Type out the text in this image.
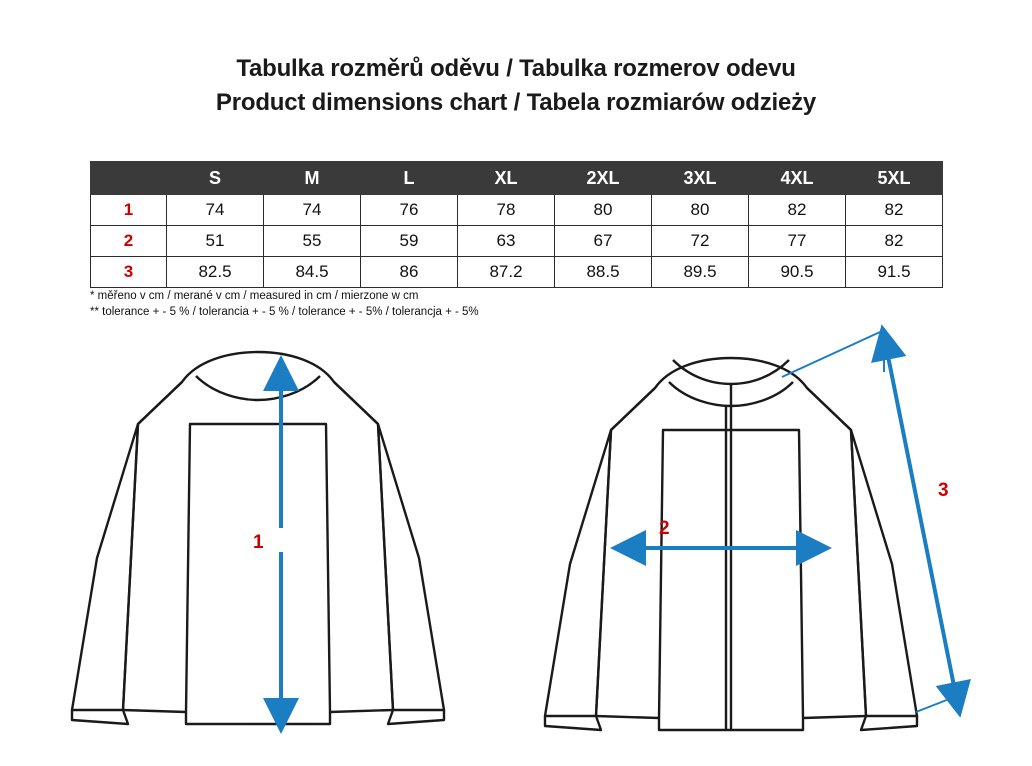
Tabulka rozměrů oděvu / Tabulka rozmerov odevu
Product dimensions chart / Tabela rozmiarów odzieży
	S	M	L	XL	2XL	3XL	4XL	5XL
1	74	74	76	78	80	80	82	82
2	51	55	59	63	67	72	77	82
3	82.5	84.5	86	87.2	88.5	89.5	90.5	91.5
* měřeno v cm / merané v cm / measured in cm / mierzone w cm
** tolerance + - 5 % / tolerancia + - 5 % / tolerance + - 5% / tolerancja + - 5%
1
2
3
